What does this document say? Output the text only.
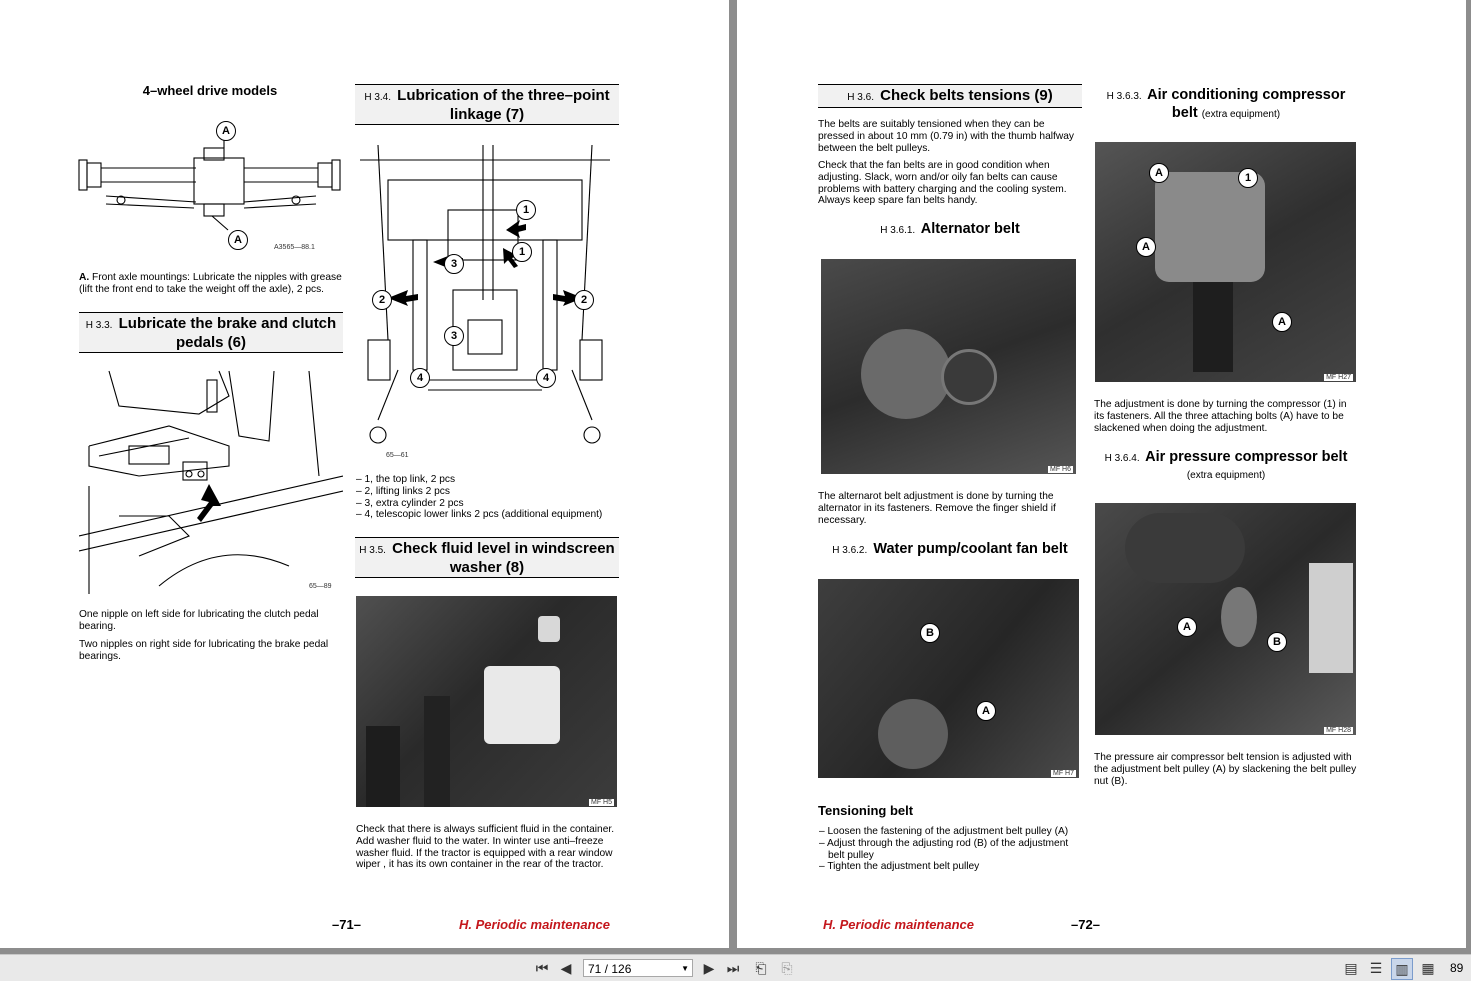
4–wheel drive models
A
A
A3565—88.1

A. Front axle mountings: Lubricate the nipples with grease (lift the front end to take the weight off the axle), 2 pcs.

H 3.3. Lubricate the brake and clutch pedals (6)
65—89

One nipple on left side for lubricating the clutch pedal bearing.

Two nipples on right side for lubricating the brake pedal bearings.

H 3.4. Lubrication of the three–point linkage (7)
1
1
2	2
3
3
4	4
65—61
– 1, the top link, 2 pcs
– 2, lifting links 2 pcs
– 3, extra cylinder 2 pcs
– 4, telescopic lower links 2 pcs (additional equipment)
H 3.5. Check fluid level in windscreen washer (8)
MF H5

Check that there is always sufficient fluid in the container. Add washer fluid to the water. In winter use anti–freeze washer fluid. If the tractor is equipped with a rear window wiper , it has its own container in the rear of the tractor.

–71–	H. Periodic maintenance
H 3.6. Check belts tensions (9)

The belts are suitably tensioned when they can be pressed in about 10 mm (0.79 in) with the thumb halfway between the belt pulleys.

Check that the fan belts are in good condition when adjusting. Slack, worn and/or oily fan belts can cause problems with battery charging and the cooling system. Always keep spare fan belts handy.

H 3.6.1. Alternator belt
MF H6

The alternarot belt adjustment is done by turning the alternator in its fasteners. Remove the finger shield if necessary.

H 3.6.2. Water pump/coolant fan belt
B
A
MF H7
Tensioning belt
– Loosen the fastening of the adjustment belt pulley (A)
– Adjust through the adjusting rod (B) of the adjustment belt pulley
– Tighten the adjustment belt pulley
H 3.6.3. Air conditioning compressor belt (extra equipment)
A	1
A
A
MF H27

The adjustment is done by turning the compressor (1) in its fasteners. All the three attaching bolts (A) have to be slackened when doing the adjustment.

H 3.6.4. Air pressure compressor belt
(extra equipment)
A
B
MF H28

The pressure air compressor belt tension is adjusted with the adjustment belt pulley (A) by slackening the belt pulley nut (B).

H. Periodic maintenance	–72–
⏮ ◀	71 / 126	▼	▶ ⏭	⎗	⎘	▤ ☰ ▥ ▦ 89
